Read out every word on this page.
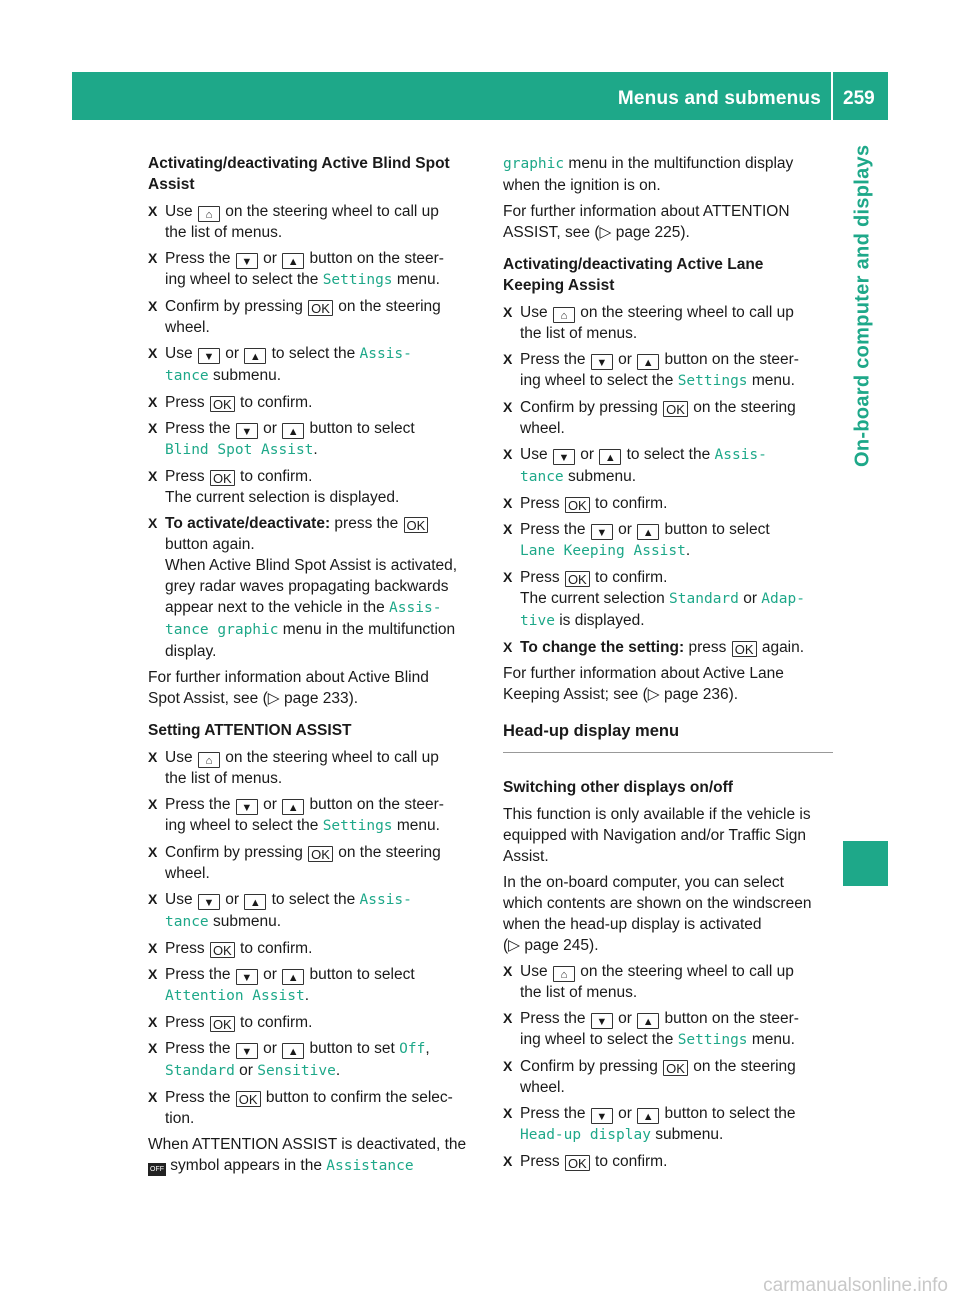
Menus and submenus 259
On-board computer and displays
Activating/deactivating Active Blind Spot
Assist
X Use ⌂ on the steering wheel to call up
the list of menus.
X Press the ▼ or ▲ button on the steer-
ing wheel to select the Settings menu.
X Confirm by pressing OK on the steering
wheel.
X Use ▼ or ▲ to select the Assis‐
tance submenu.
X Press OK to confirm.
X Press the ▼ or ▲ button to select
Blind Spot Assist.
X Press OK to confirm.
The current selection is displayed.
X To activate/deactivate: press the OK
button again.
When Active Blind Spot Assist is activated,
grey radar waves propagating backwards
appear next to the vehicle in the Assis‐
tance graphic menu in the multifunction
display.
For further information about Active Blind
Spot Assist, see (▷ page 233).
Setting ATTENTION ASSIST
X Use ⌂ on the steering wheel to call up
the list of menus.
X Press the ▼ or ▲ button on the steer-
ing wheel to select the Settings menu.
X Confirm by pressing OK on the steering
wheel.
X Use ▼ or ▲ to select the Assis‐
tance submenu.
X Press OK to confirm.
X Press the ▼ or ▲ button to select
Attention Assist.
X Press OK to confirm.
X Press the ▼ or ▲ button to set Off,
Standard or Sensitive.
X Press the OK button to confirm the selec-
tion.
When ATTENTION ASSIST is deactivated, the
OFF symbol appears in the Assistance
graphic menu in the multifunction display
when the ignition is on.
For further information about ATTENTION
ASSIST, see (▷ page 225).
Activating/deactivating Active Lane
Keeping Assist
X Use ⌂ on the steering wheel to call up
the list of menus.
X Press the ▼ or ▲ button on the steer-
ing wheel to select the Settings menu.
X Confirm by pressing OK on the steering
wheel.
X Use ▼ or ▲ to select the Assis‐
tance submenu.
X Press OK to confirm.
X Press the ▼ or ▲ button to select
Lane Keeping Assist.
X Press OK to confirm.
The current selection Standard or Adap‐
tive is displayed.
X To change the setting: press OK again.
For further information about Active Lane
Keeping Assist; see (▷ page 236).
Head-up display menu
Switching other displays on/off
This function is only available if the vehicle is
equipped with Navigation and/or Traffic Sign
Assist.
In the on-board computer, you can select
which contents are shown on the windscreen
when the head-up display is activated
(▷ page 245).
X Use ⌂ on the steering wheel to call up
the list of menus.
X Press the ▼ or ▲ button on the steer-
ing wheel to select the Settings menu.
X Confirm by pressing OK on the steering
wheel.
X Press the ▼ or ▲ button to select the
Head-up display submenu.
X Press OK to confirm.
carmanualsonline.info
